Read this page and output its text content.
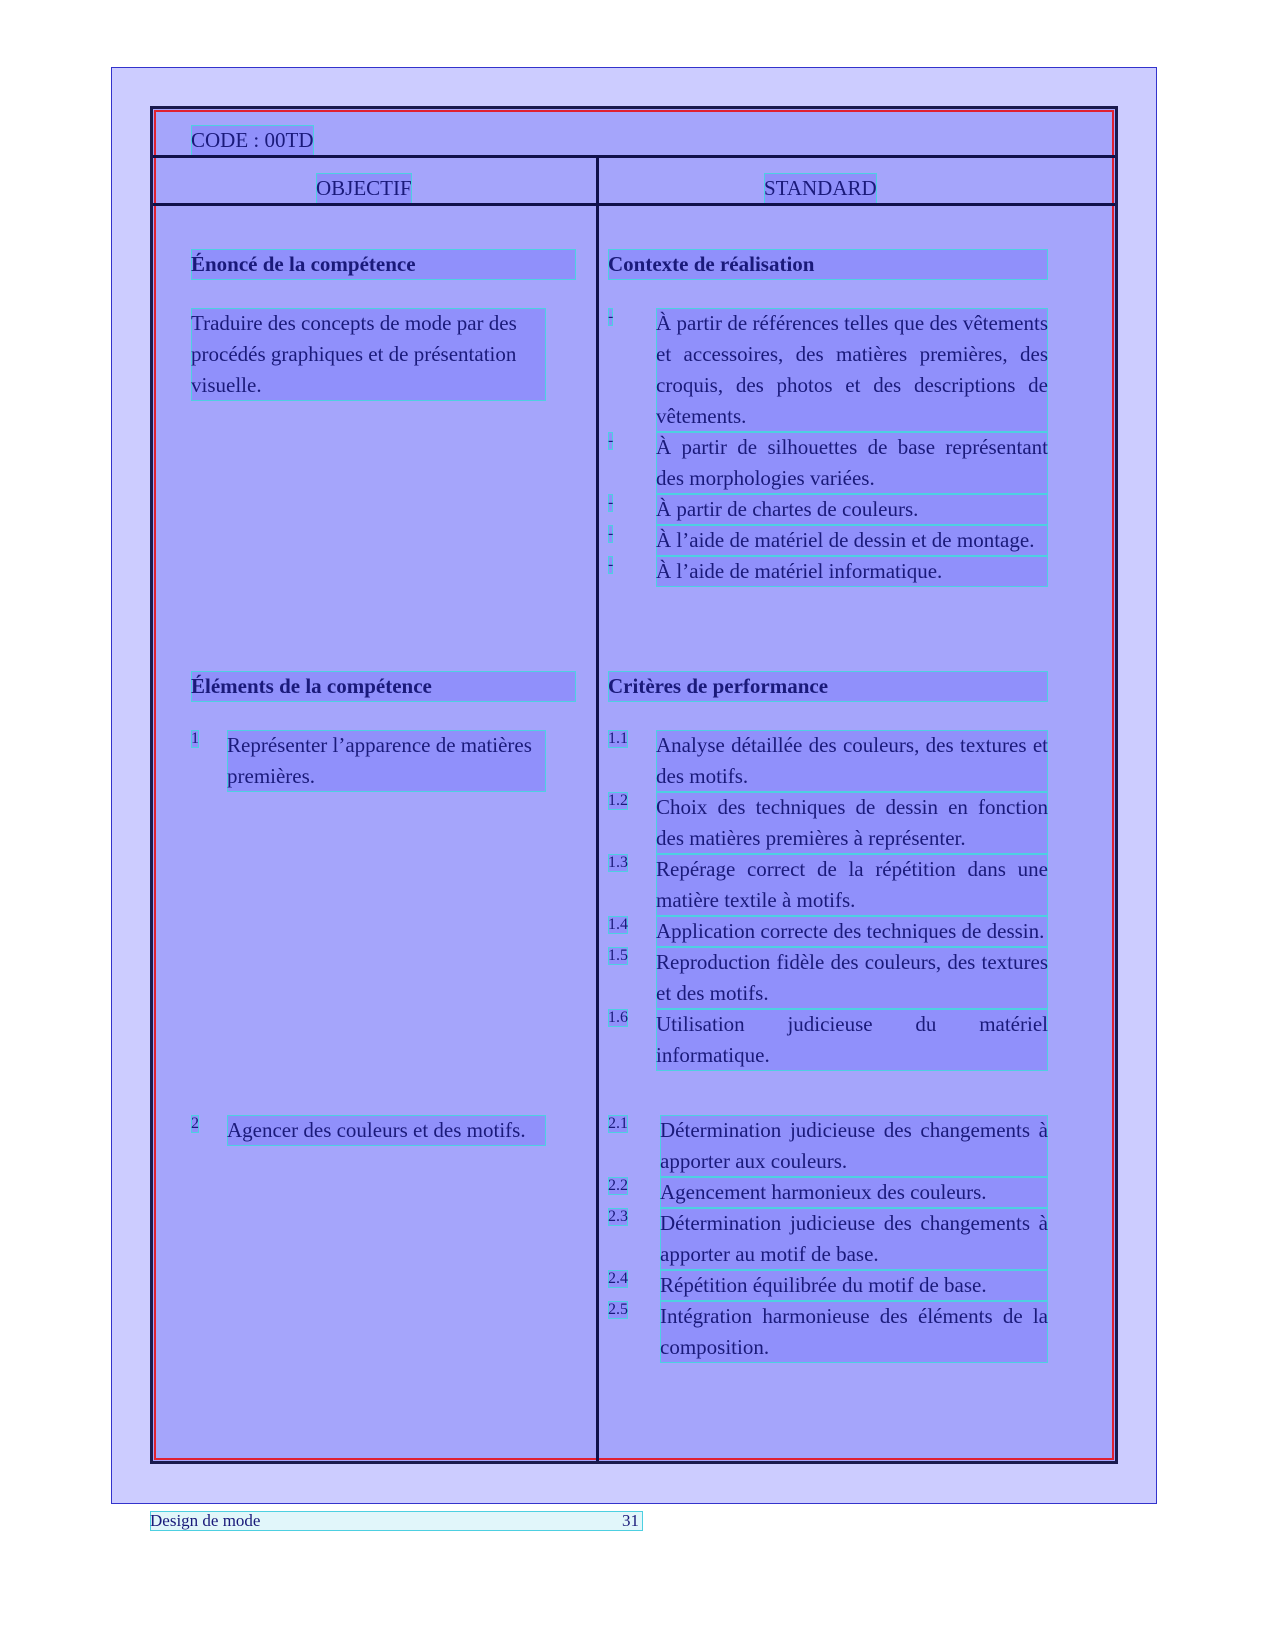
CODE : 00TD
OBJECTIF	STANDARD
Énoncé de la compétence
Traduire des concepts de mode par des procédés graphiques et de présentation visuelle.
Éléments de la compétence
1 Représenter l’apparence de matières premières.
2 Agencer des couleurs et des motifs.
Contexte de réalisation
- À partir de références telles que des vêtements et accessoires, des matières premières, des croquis, des photos et des descriptions de vêtements.
- À partir de silhouettes de base représentant des morphologies variées.
- À partir de chartes de couleurs.
- À l’aide de matériel de dessin et de montage.
- À l’aide de matériel informatique.
Critères de performance
1.1 Analyse détaillée des couleurs, des textures et des motifs.
1.2 Choix des techniques de dessin en fonction des matières premières à représenter.
1.3 Repérage correct de la répétition dans une matière textile à motifs.
1.4 Application correcte des techniques de dessin.
1.5 Reproduction fidèle des couleurs, des textures et des motifs.
1.6 Utilisation judicieuse du matériel informatique.
2.1 Détermination judicieuse des changements à apporter aux couleurs.
2.2 Agencement harmonieux des couleurs.
2.3 Détermination judicieuse des changements à apporter au motif de base.
2.4 Répétition équilibrée du motif de base.
2.5 Intégration harmonieuse des éléments de la composition.
Design de mode	31
